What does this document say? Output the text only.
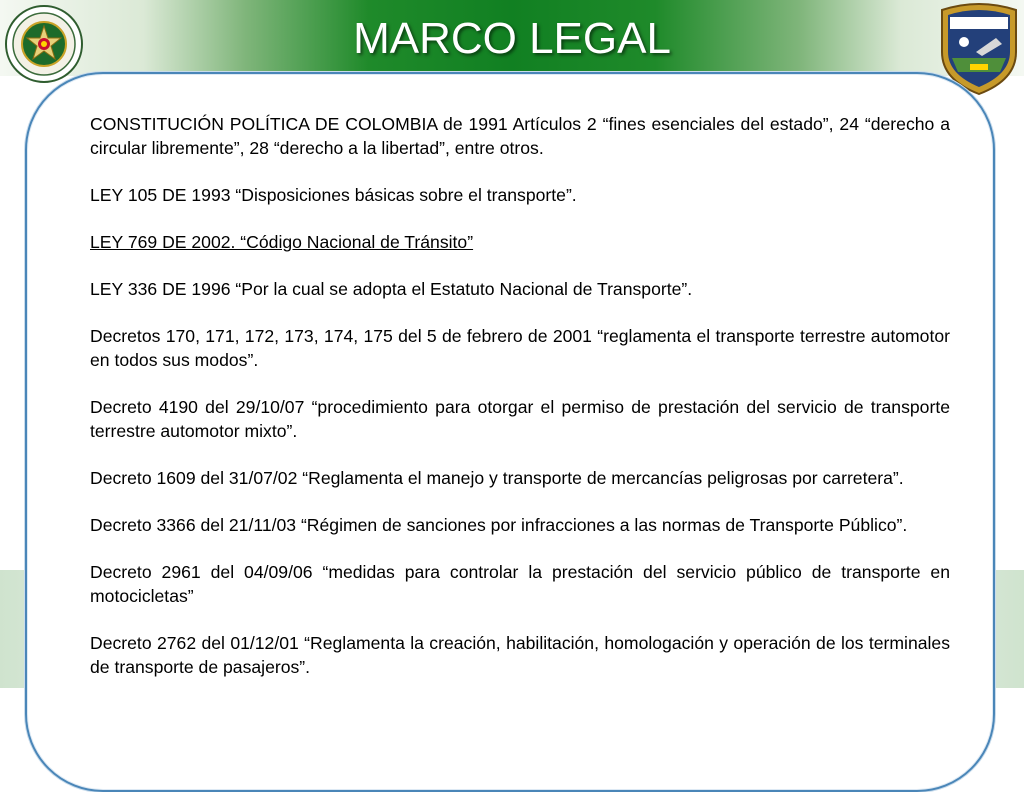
MARCO LEGAL

CONSTITUCIÓN POLÍTICA DE COLOMBIA de 1991 Artículos 2 “fines esenciales del estado”, 24 “derecho a circular libremente”, 28 “derecho a la libertad”, entre otros.

LEY 105 DE 1993 “Disposiciones básicas sobre el transporte”.

LEY 769 DE 2002. “Código Nacional de Tránsito”

LEY 336 DE 1996 “Por la cual se adopta el Estatuto Nacional de Transporte”.

Decretos 170, 171, 172, 173, 174, 175 del 5 de febrero de 2001 “reglamenta el transporte terrestre automotor en todos sus modos”.

Decreto 4190 del 29/10/07 “procedimiento para otorgar el permiso de prestación del servicio de transporte terrestre automotor mixto”.

Decreto 1609 del 31/07/02 “Reglamenta el manejo y transporte de mercancías peligrosas por carretera”.

Decreto 3366 del 21/11/03 “Régimen de sanciones por infracciones a las normas de Transporte Público”.

Decreto 2961 del 04/09/06 “medidas para controlar la prestación del servicio público de transporte en motocicletas”

Decreto 2762 del 01/12/01 “Reglamenta la creación, habilitación, homologación y operación de los terminales de transporte de pasajeros”.
